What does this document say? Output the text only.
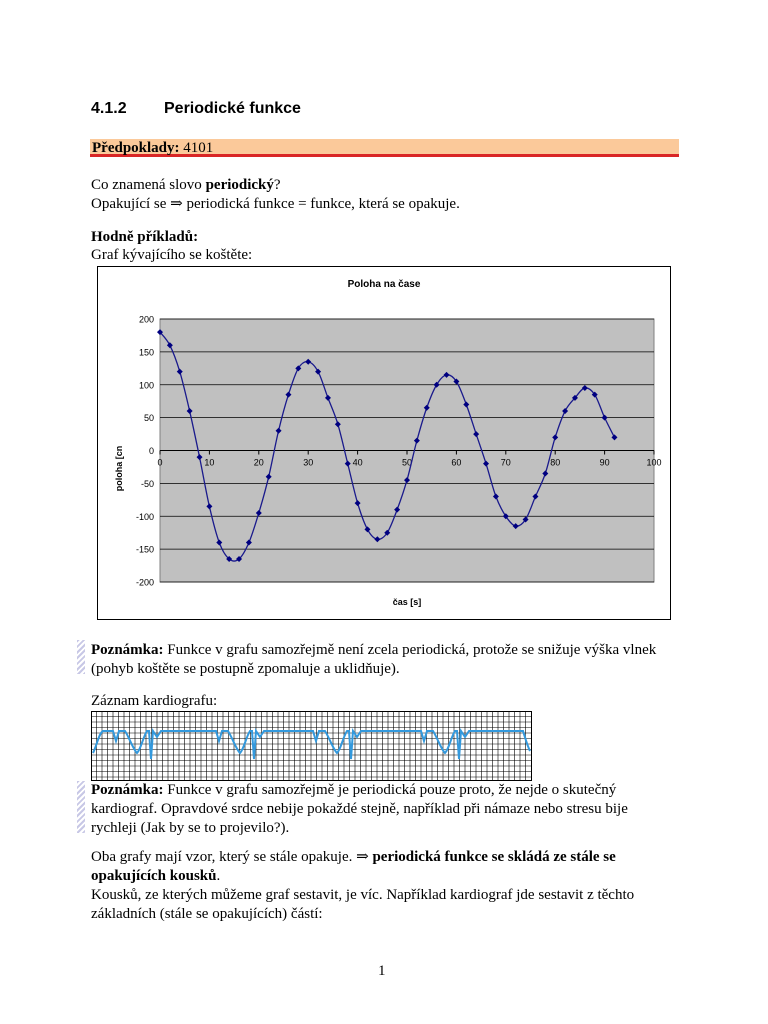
4.1.2 Periodické funkce
Předpoklady: 4101
Co znamená slovo periodický?
Opakující se ⇒ periodická funkce = funkce, která se opakuje.
Hodně příkladů:
Graf kývajícího se koštěte:
200
150
100
50
0
-50
-100
-150
-200
0	10	20	30	40	50	60	70	80	90	100
Poloha na čase
čas [s]
poloha [cn
Poznámka: Funkce v grafu samozřejmě není zcela periodická, protože se snižuje výška vlnek (pohyb koštěte se postupně zpomaluje a uklidňuje).
Záznam kardiografu:
Poznámka: Funkce v grafu samozřejmě je periodická pouze proto, že nejde o skutečný kardiograf. Opravdové srdce nebije pokaždé stejně, například při námaze nebo stresu bije rychleji (Jak by se to projevilo?).
Oba grafy mají vzor, který se stále opakuje. ⇒ periodická funkce se skládá ze stále se opakujících kousků.
Kousků, ze kterých můžeme graf sestavit, je víc. Například kardiograf jde sestavit z těchto základních (stále se opakujících) částí:
1
